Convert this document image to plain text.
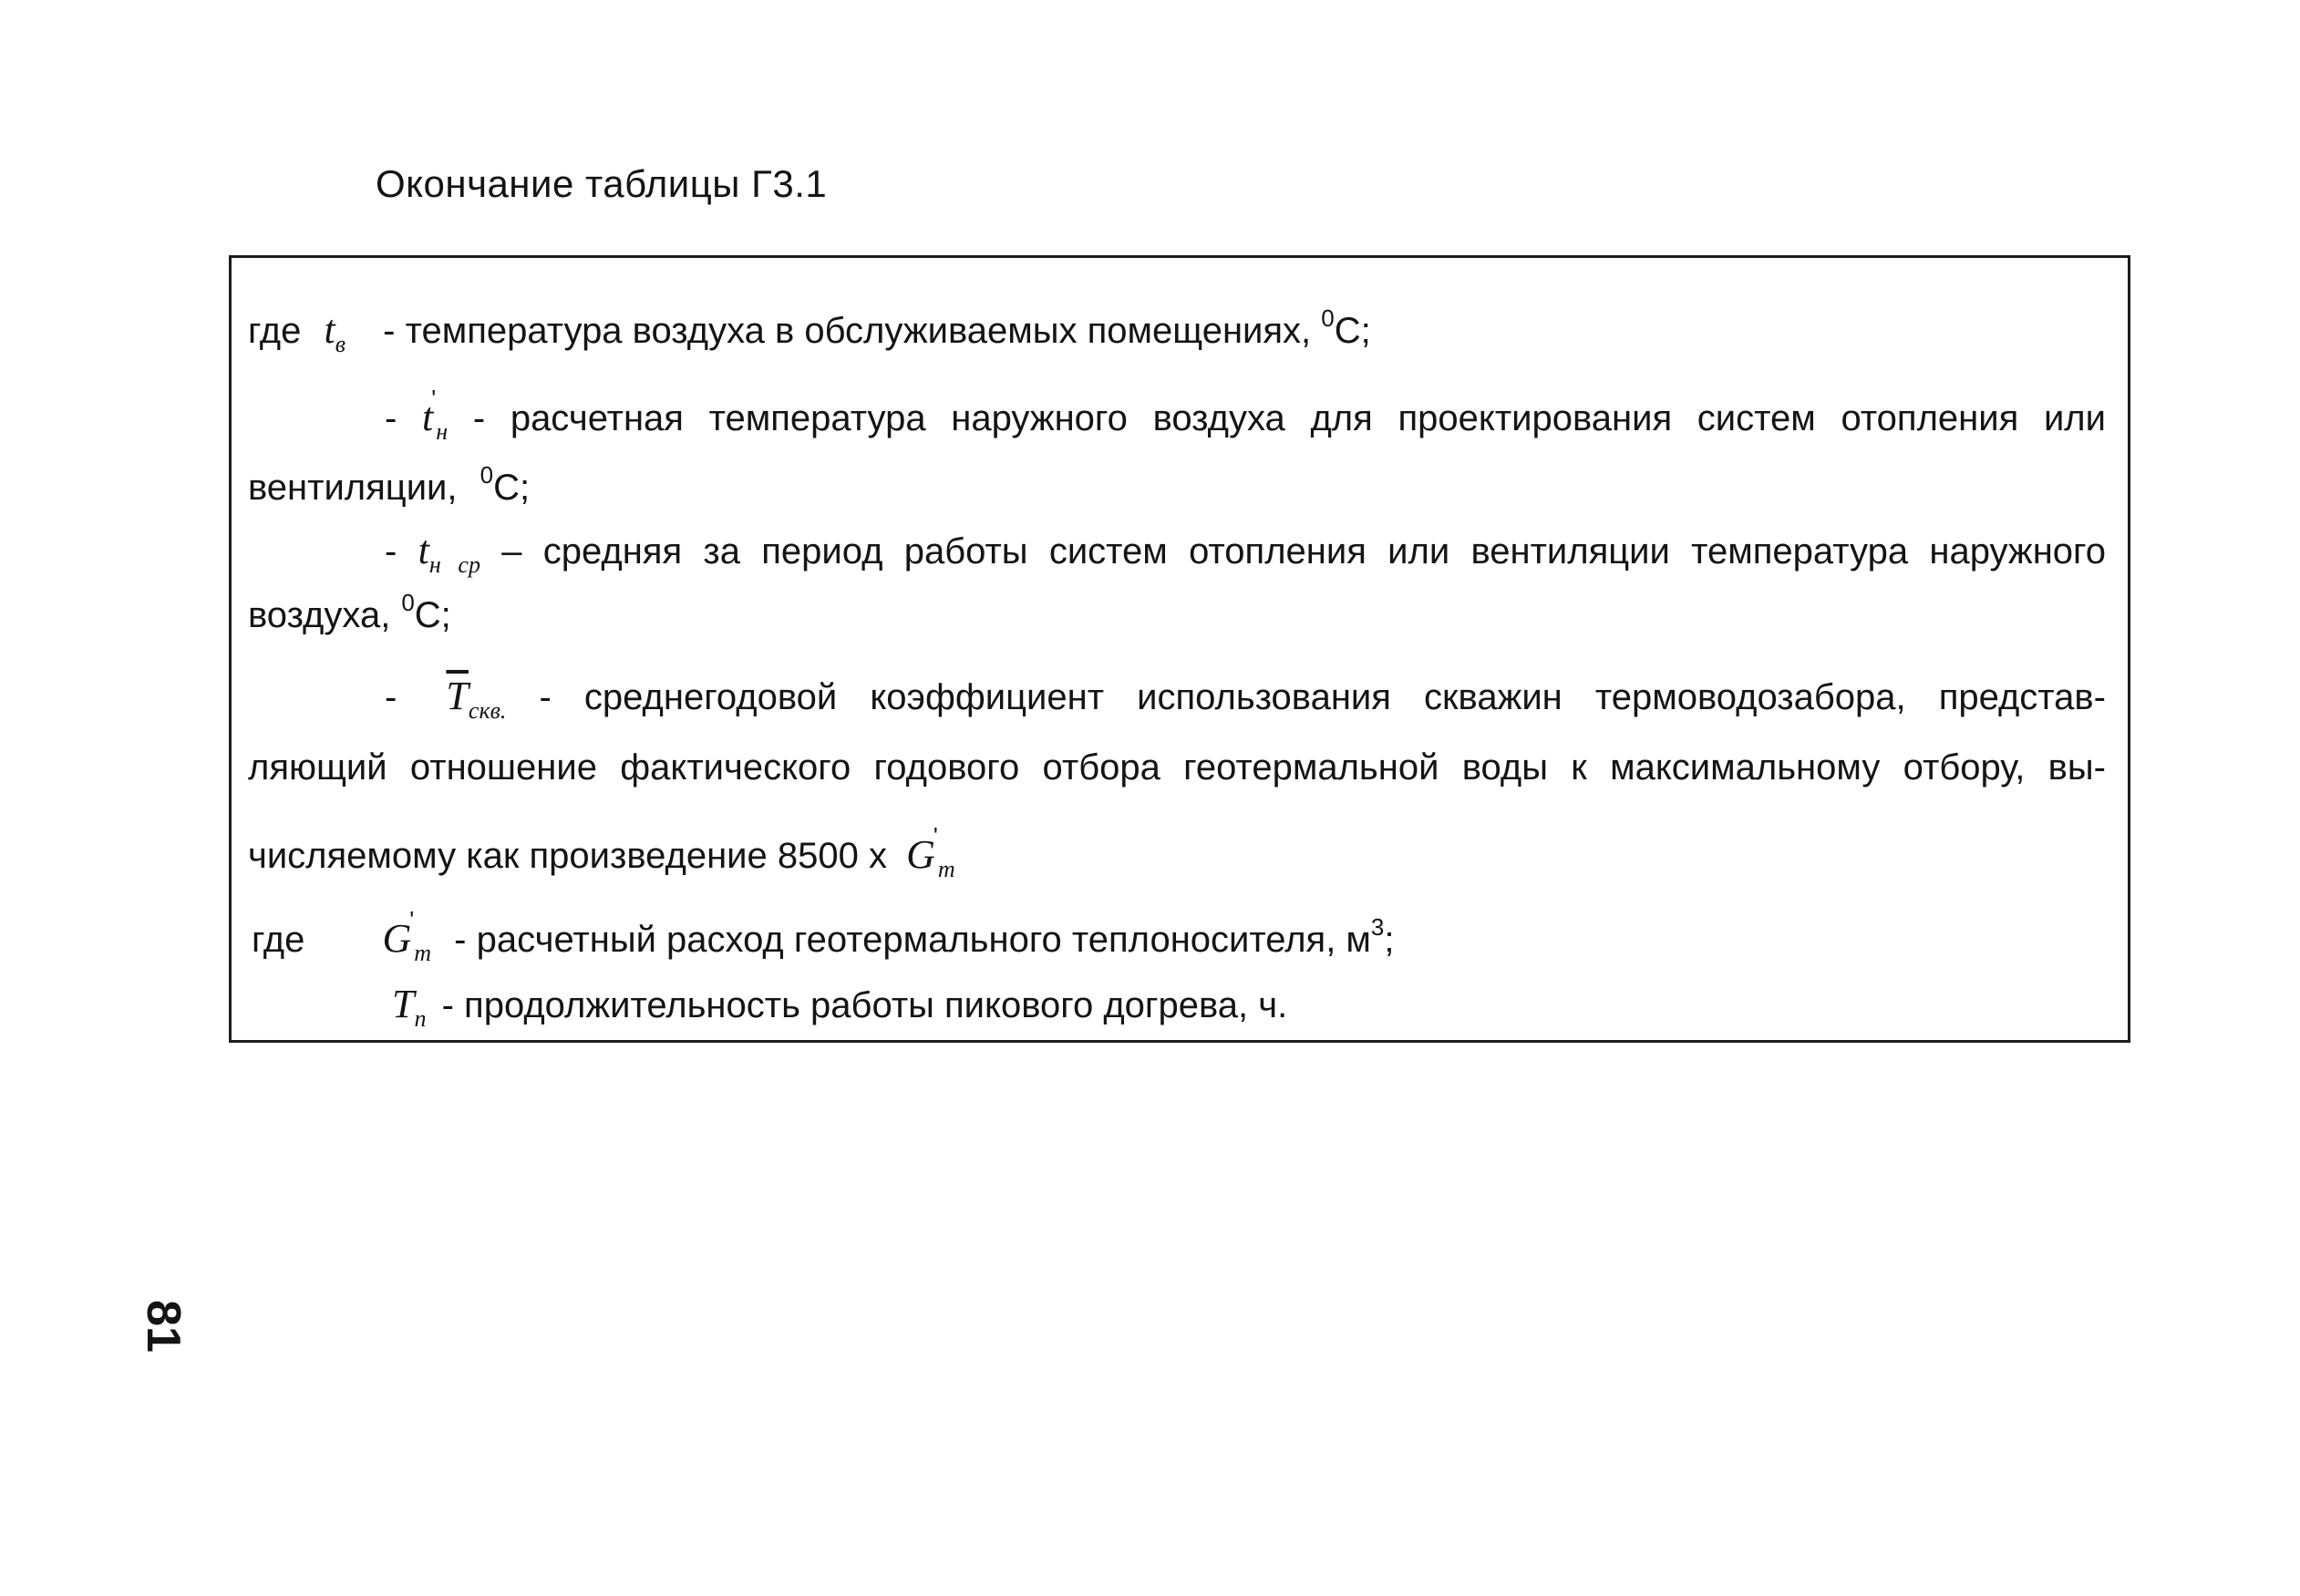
Окончание таблицы Г3.1
где $t_в$ - температура воздуха в обслуживаемых помещениях, $^0$С;
- $t'_н$ - расчетная температура наружного воздуха для проектирования систем отопления или
вентиляции, $^0$С;
- $t_{н ср}$ – средняя за период работы систем отопления или вентиляции температура наружного
воздуха, $^0$С;
- $\overline{T}_{скв.}$ - среднегодовой коэффициент использования скважин термоводозабора, представ-
ляющий отношение фактического годового отбора геотермальной воды к максимальному отбору, вы-
числяемому как произведение 8500 х $G'_т$
где $G'_т$ - расчетный расход геотермального теплоносителя, $м^3$;
$T_п$ - продолжительность работы пикового догрева, ч.
81
